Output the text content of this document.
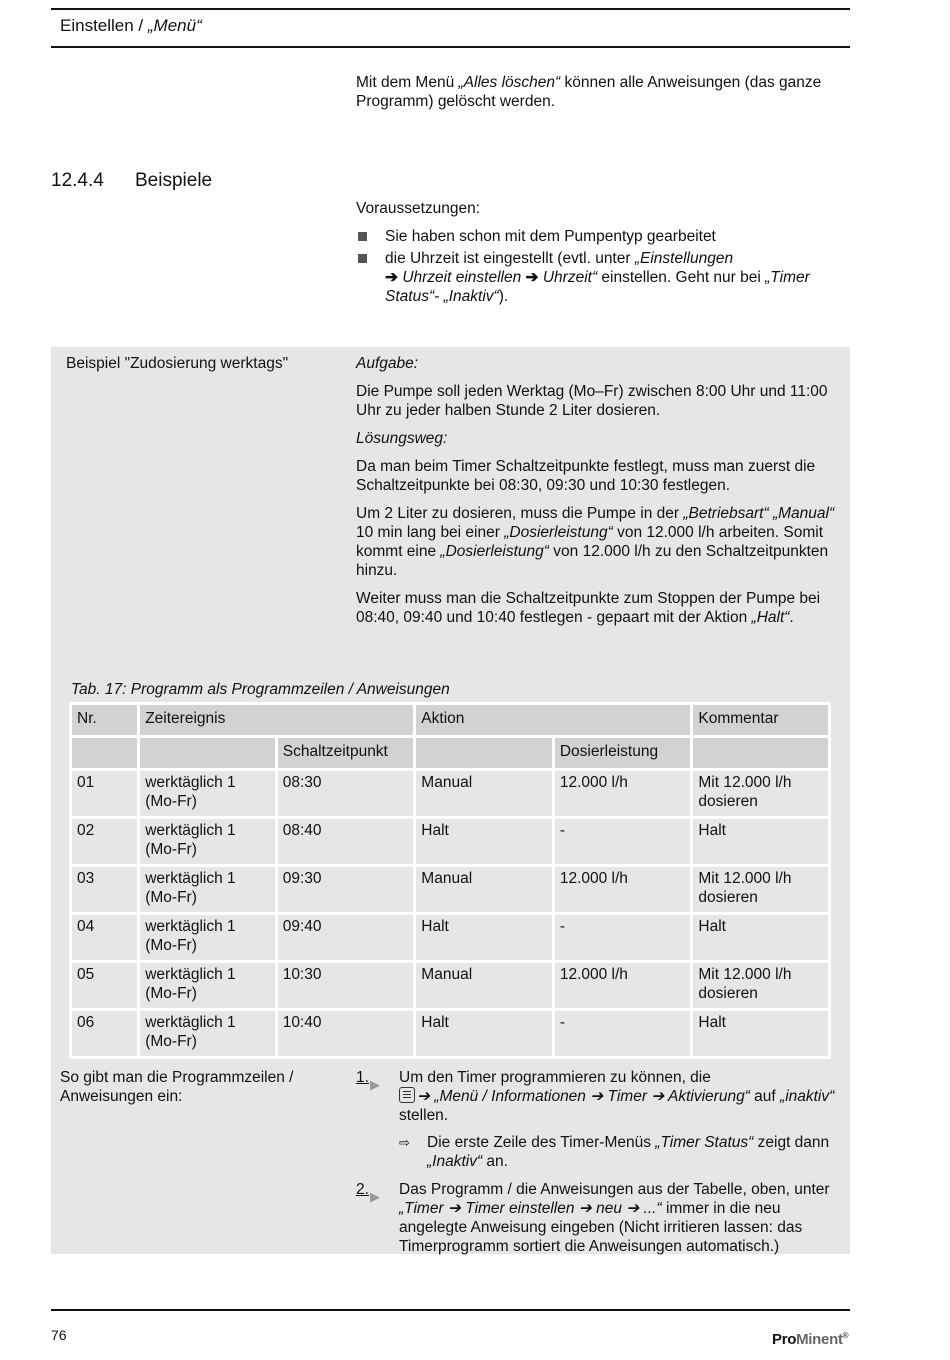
Einstellen / „Menü“
Mit dem Menü „Alles löschen“ können alle Anweisungen (das ganze Programm) gelöscht werden.
12.4.4 Beispiele
Voraussetzungen:
Sie haben schon mit dem Pumpentyp gearbeitet
die Uhrzeit ist eingestellt (evtl. unter „Einstellungen
➔ Uhrzeit einstellen ➔ Uhrzeit“ einstellen. Geht nur bei „Timer Status“- „Inaktiv“).
Beispiel "Zudosierung werktags"	Aufgabe:

Die Pumpe soll jeden Werktag (Mo–Fr) zwischen 8:00 Uhr und 11:00 Uhr zu jeder halben Stunde 2 Liter dosieren.

Lösungsweg:

Da man beim Timer Schaltzeitpunkte festlegt, muss man zuerst die Schaltzeitpunkte bei 08:30, 09:30 und 10:30 festlegen.

Um 2 Liter zu dosieren, muss die Pumpe in der „Betriebsart“ „Manual“ 10 min lang bei einer „Dosierleistung“ von 12.000 l/h arbeiten. Somit kommt eine „Dosierleistung“ von 12.000 l/h zu den Schaltzeitpunkten hinzu.

Weiter muss man die Schaltzeitpunkte zum Stoppen der Pumpe bei 08:40, 09:40 und 10:40 festlegen - gepaart mit der Aktion „Halt“.

Tab. 17: Programm als Programmzeilen / Anweisungen
Nr.	Zeitereignis		Aktion		Kommentar
		Schaltzeitpunkt		Dosierleistung	
01	werktäglich 1 (Mo-Fr)	08:30	Manual	12.000 l/h	Mit 12.000 l/h dosieren
02	werktäglich 1 (Mo-Fr)	08:40	Halt	-	Halt
03	werktäglich 1 (Mo-Fr)	09:30	Manual	12.000 l/h	Mit 12.000 l/h dosieren
04	werktäglich 1 (Mo-Fr)	09:40	Halt	-	Halt
05	werktäglich 1 (Mo-Fr)	10:30	Manual	12.000 l/h	Mit 12.000 l/h dosieren
06	werktäglich 1 (Mo-Fr)	10:40	Halt	-	Halt
So gibt man die Programmzeilen / Anweisungen ein:
1. ▶ Um den Timer programmieren zu können, die
➔ „Menü / Informationen ➔ Timer ➔ Aktivierung“ auf „inaktiv“ stellen.
⇨ Die erste Zeile des Timer-Menüs „Timer Status“ zeigt dann „Inaktiv“ an.
2. ▶ Das Programm / die Anweisungen aus der Tabelle, oben, unter „Timer ➔ Timer einstellen ➔ neu ➔ ...“ immer in die neu angelegte Anweisung eingeben (Nicht irritieren lassen: das Timerprogramm sortiert die Anweisungen automatisch.)
76	ProMinent®
